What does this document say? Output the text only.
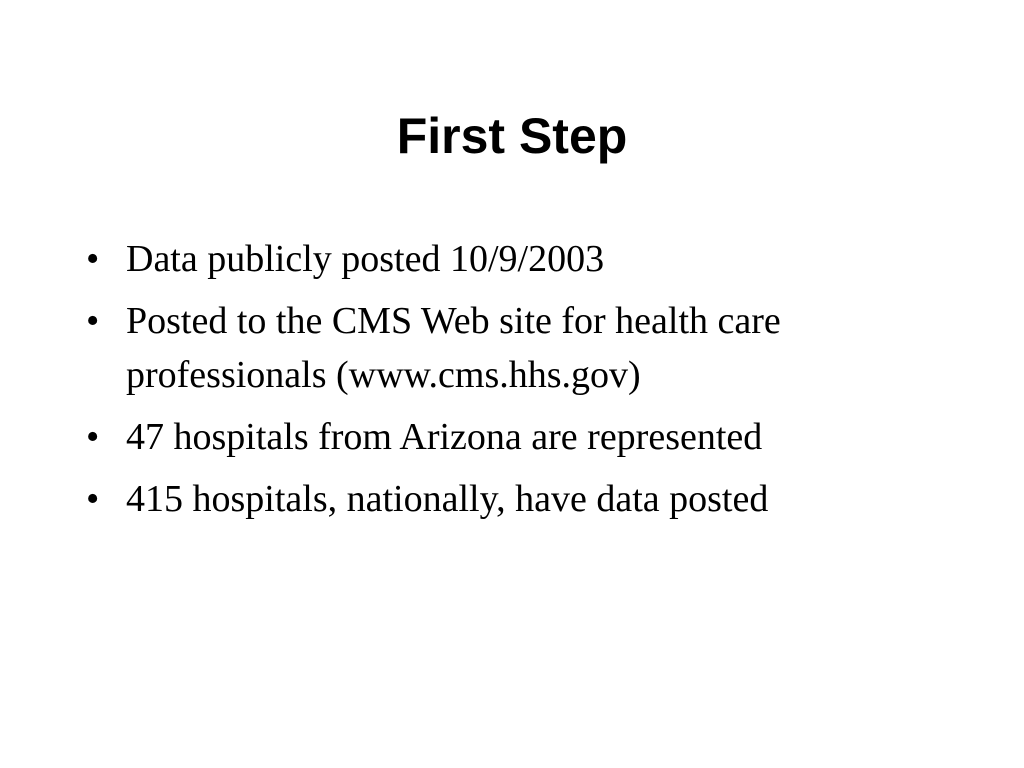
First Step
• Data publicly posted 10/9/2003
• Posted to the CMS Web site for health care professionals (www.cms.hhs.gov)
• 47 hospitals from Arizona are represented
• 415 hospitals, nationally, have data posted
